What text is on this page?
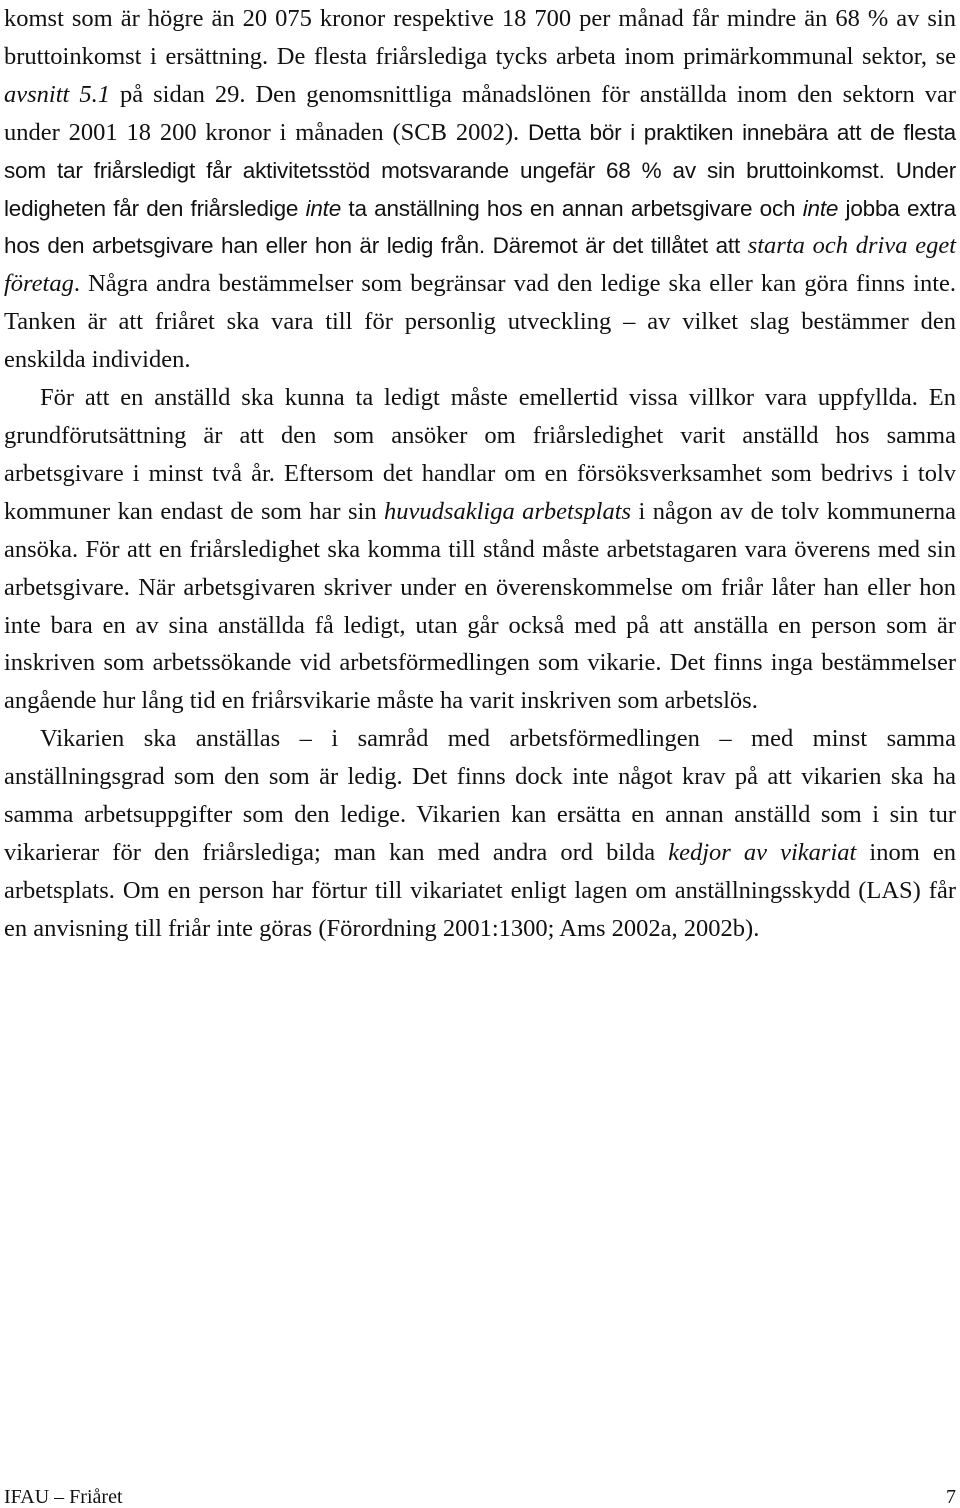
komst som är högre än 20 075 kronor respektive 18 700 per månad får mindre än 68 % av sin bruttoinkomst i ersättning. De flesta friårslediga tycks arbeta inom primärkommunal sektor, se avsnitt 5.1 på sidan 29. Den genomsnittliga månadslönen för anställda inom den sektorn var under 2001 18 200 kronor i månaden (SCB 2002). Detta bör i praktiken innebära att de flesta som tar friårsledigt får aktivitetsstöd motsvarande ungefär 68 % av sin bruttoinkomst. Under ledigheten får den friårsledige inte ta anställning hos en annan arbetsgivare och inte jobba extra hos den arbetsgivare han eller hon är ledig från. Däremot är det tillåtet att starta och driva eget företag. Några andra bestämmelser som begränsar vad den ledige ska eller kan göra finns inte. Tanken är att friåret ska vara till för personlig utveckling – av vilket slag bestämmer den enskilda individen.

För att en anställd ska kunna ta ledigt måste emellertid vissa villkor vara uppfyllda. En grundförutsättning är att den som ansöker om friårsledighet varit anställd hos samma arbetsgivare i minst två år. Eftersom det handlar om en försöksverksamhet som bedrivs i tolv kommuner kan endast de som har sin huvudsakliga arbetsplats i någon av de tolv kommunerna ansöka. För att en friårsledighet ska komma till stånd måste arbetstagaren vara överens med sin arbetsgivare. När arbetsgivaren skriver under en överenskommelse om friår låter han eller hon inte bara en av sina anställda få ledigt, utan går också med på att anställa en person som är inskriven som arbetssökande vid arbetsförmedlingen som vikarie. Det finns inga bestämmelser angående hur lång tid en friårsvikarie måste ha varit inskriven som arbetslös.

Vikarien ska anställas – i samråd med arbetsförmedlingen – med minst samma anställningsgrad som den som är ledig. Det finns dock inte något krav på att vikarien ska ha samma arbetsuppgifter som den ledige. Vikarien kan ersätta en annan anställd som i sin tur vikarierar för den friårslediga; man kan med andra ord bilda kedjor av vikariat inom en arbetsplats. Om en person har förtur till vikariatet enligt lagen om anställningsskydd (LAS) får en anvisning till friår inte göras (Förordning 2001:1300; Ams 2002a, 2002b).

IFAU – Friåret	7
